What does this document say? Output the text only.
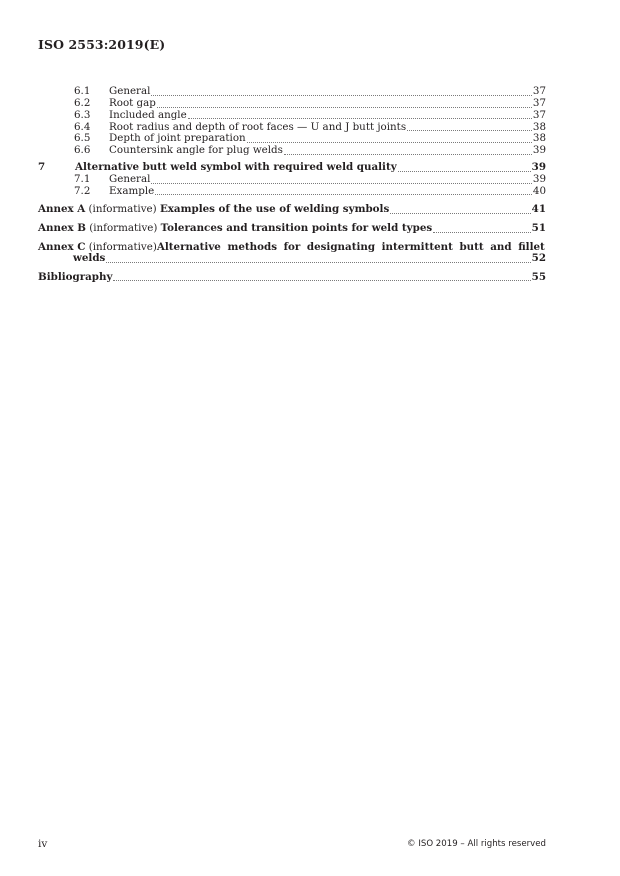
ISO 2553:2019(E)
6.1	General	37
6.2	Root gap	37
6.3	Included angle	37
6.4	Root radius and depth of root faces — U and J butt joints	38
6.5	Depth of joint preparation	38
6.6	Countersink angle for plug welds	39
7	Alternative butt weld symbol with required weld quality	39
7.1	General	39
7.2	Example	40
Annex A (informative) Examples of the use of welding symbols	41
Annex B (informative) Tolerances and transition points for weld types	51
Annex C (informative) Alternative methods for designating intermittent butt and fillet
welds	52
Bibliography	55
iv	© ISO 2019 – All rights reserved
